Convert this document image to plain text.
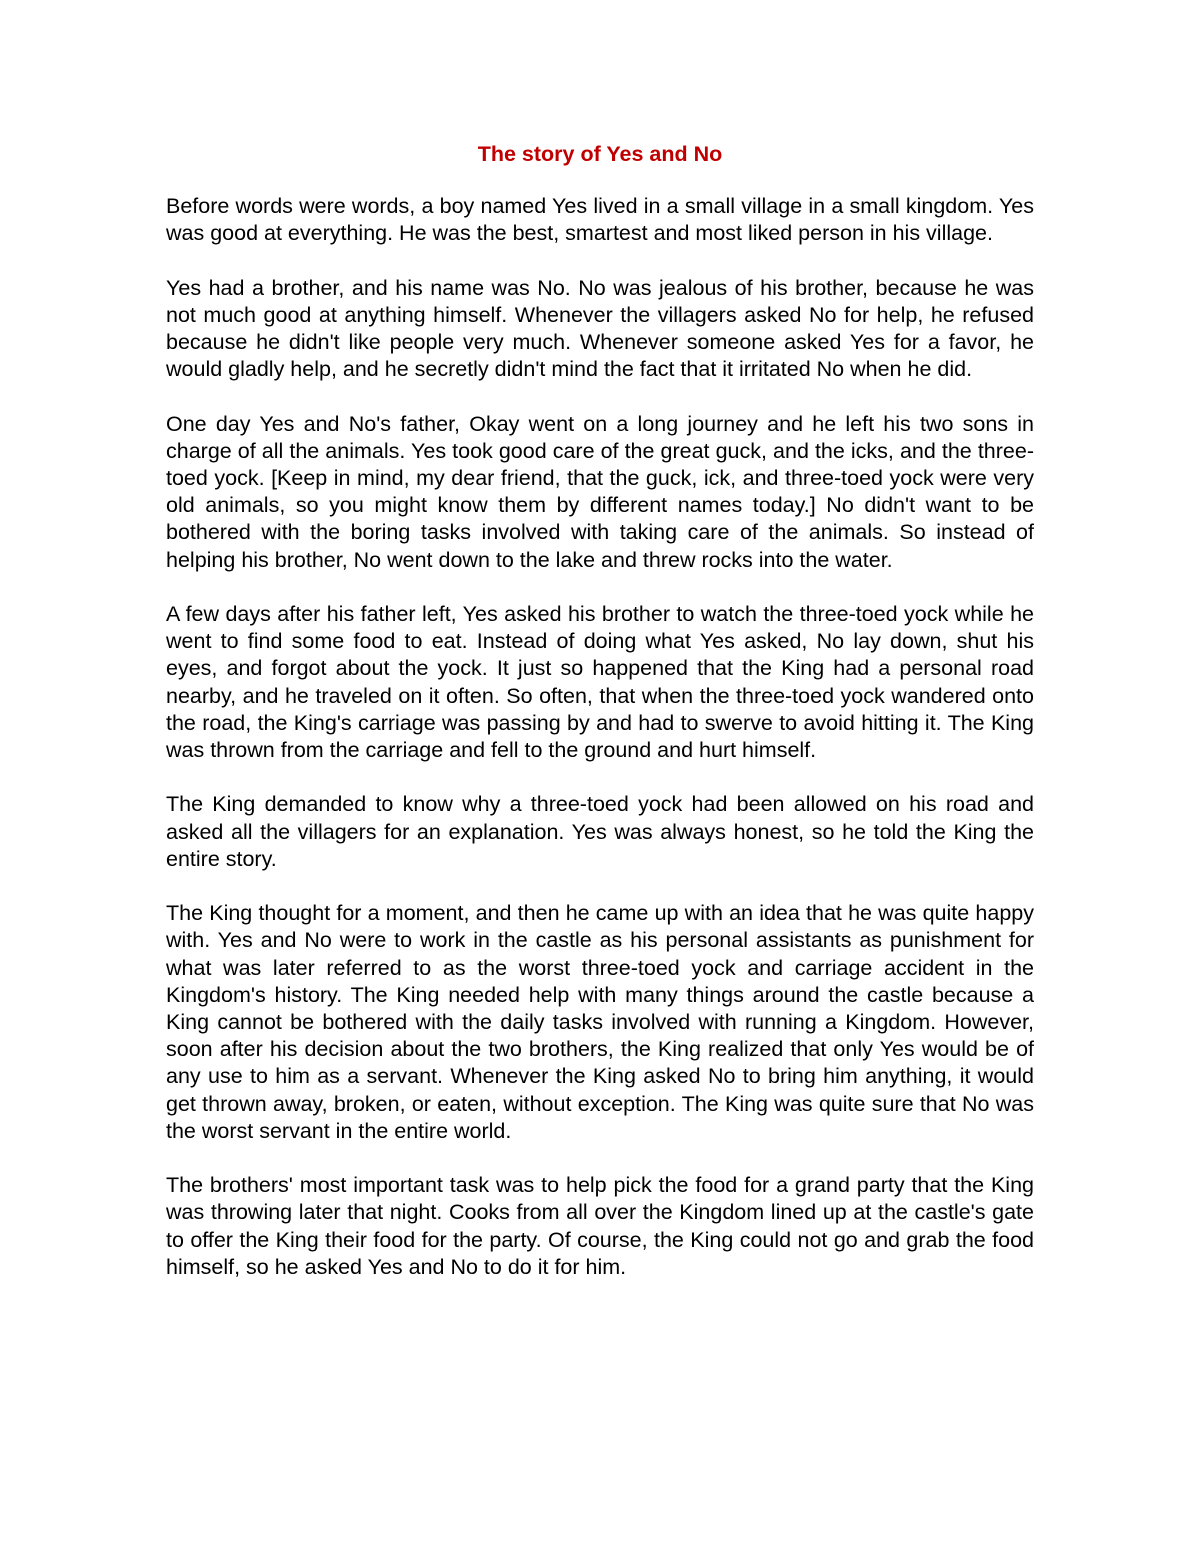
The story of Yes and No

Before words were words, a boy named Yes lived in a small village in a small kingdom. Yes was good at everything. He was the best, smartest and most liked person in his village.

Yes had a brother, and his name was No. No was jealous of his brother, because he was not much good at anything himself. Whenever the villagers asked No for help, he refused because he didn't like people very much. Whenever someone asked Yes for a favor, he would gladly help, and he secretly didn't mind the fact that it irritated No when he did.

One day Yes and No's father, Okay went on a long journey and he left his two sons in charge of all the animals. Yes took good care of the great guck, and the icks, and the three-toed yock. [Keep in mind, my dear friend, that the guck, ick, and three-toed yock were very old animals, so you might know them by different names today.] No didn't want to be bothered with the boring tasks involved with taking care of the animals. So instead of helping his brother, No went down to the lake and threw rocks into the water.

A few days after his father left, Yes asked his brother to watch the three-toed yock while he went to find some food to eat. Instead of doing what Yes asked, No lay down, shut his eyes, and forgot about the yock. It just so happened that the King had a personal road nearby, and he traveled on it often. So often, that when the three-toed yock wandered onto the road, the King's carriage was passing by and had to swerve to avoid hitting it. The King was thrown from the carriage and fell to the ground and hurt himself.

The King demanded to know why a three-toed yock had been allowed on his road and asked all the villagers for an explanation. Yes was always honest, so he told the King the entire story.

The King thought for a moment, and then he came up with an idea that he was quite happy with. Yes and No were to work in the castle as his personal assistants as punishment for what was later referred to as the worst three-toed yock and carriage accident in the Kingdom's history. The King needed help with many things around the castle because a King cannot be bothered with the daily tasks involved with running a Kingdom. However, soon after his decision about the two brothers, the King realized that only Yes would be of any use to him as a servant. Whenever the King asked No to bring him anything, it would get thrown away, broken, or eaten, without exception. The King was quite sure that No was the worst servant in the entire world.

The brothers' most important task was to help pick the food for a grand party that the King was throwing later that night. Cooks from all over the Kingdom lined up at the castle's gate to offer the King their food for the party. Of course, the King could not go and grab the food himself, so he asked Yes and No to do it for him.
